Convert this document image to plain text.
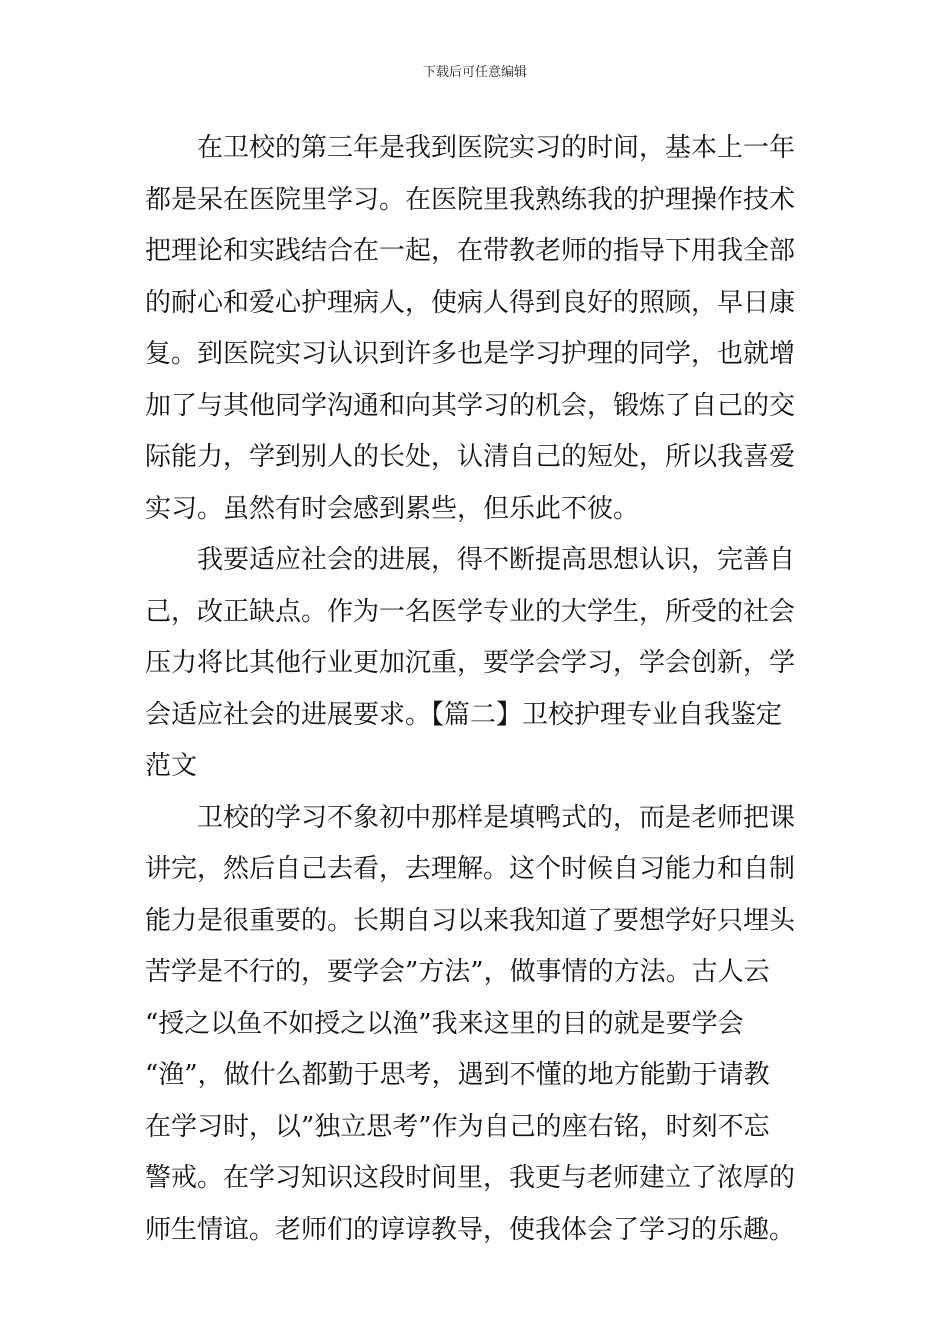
下载后可任意编辑
在卫校的第三年是我到医院实习的时间，基本上一年
都是呆在医院里学习。在医院里我熟练我的护理操作技术
把理论和实践结合在一起，在带教老师的指导下用我全部
的耐心和爱心护理病人，使病人得到良好的照顾，早日康
复。到医院实习认识到许多也是学习护理的同学，也就增
加了与其他同学沟通和向其学习的机会，锻炼了自己的交
际能力，学到别人的长处，认清自己的短处，所以我喜爱
实习。虽然有时会感到累些，但乐此不彼。
我要适应社会的进展，得不断提高思想认识，完善自
己，改正缺点。作为一名医学专业的大学生，所受的社会
压力将比其他行业更加沉重，要学会学习，学会创新，学
会适应社会的进展要求。【篇二】卫校护理专业自我鉴定
范文
卫校的学习不象初中那样是填鸭式的，而是老师把课
讲完，然后自己去看，去理解。这个时候自习能力和自制
能力是很重要的。长期自习以来我知道了要想学好只埋头
苦学是不行的，要学会”方法”，做事情的方法。古人云
“授之以鱼不如授之以渔”我来这里的目的就是要学会
“渔”，做什么都勤于思考，遇到不懂的地方能勤于请教
在学习时，以”独立思考”作为自己的座右铭，时刻不忘
警戒。在学习知识这段时间里，我更与老师建立了浓厚的
师生情谊。老师们的谆谆教导，使我体会了学习的乐趣。
